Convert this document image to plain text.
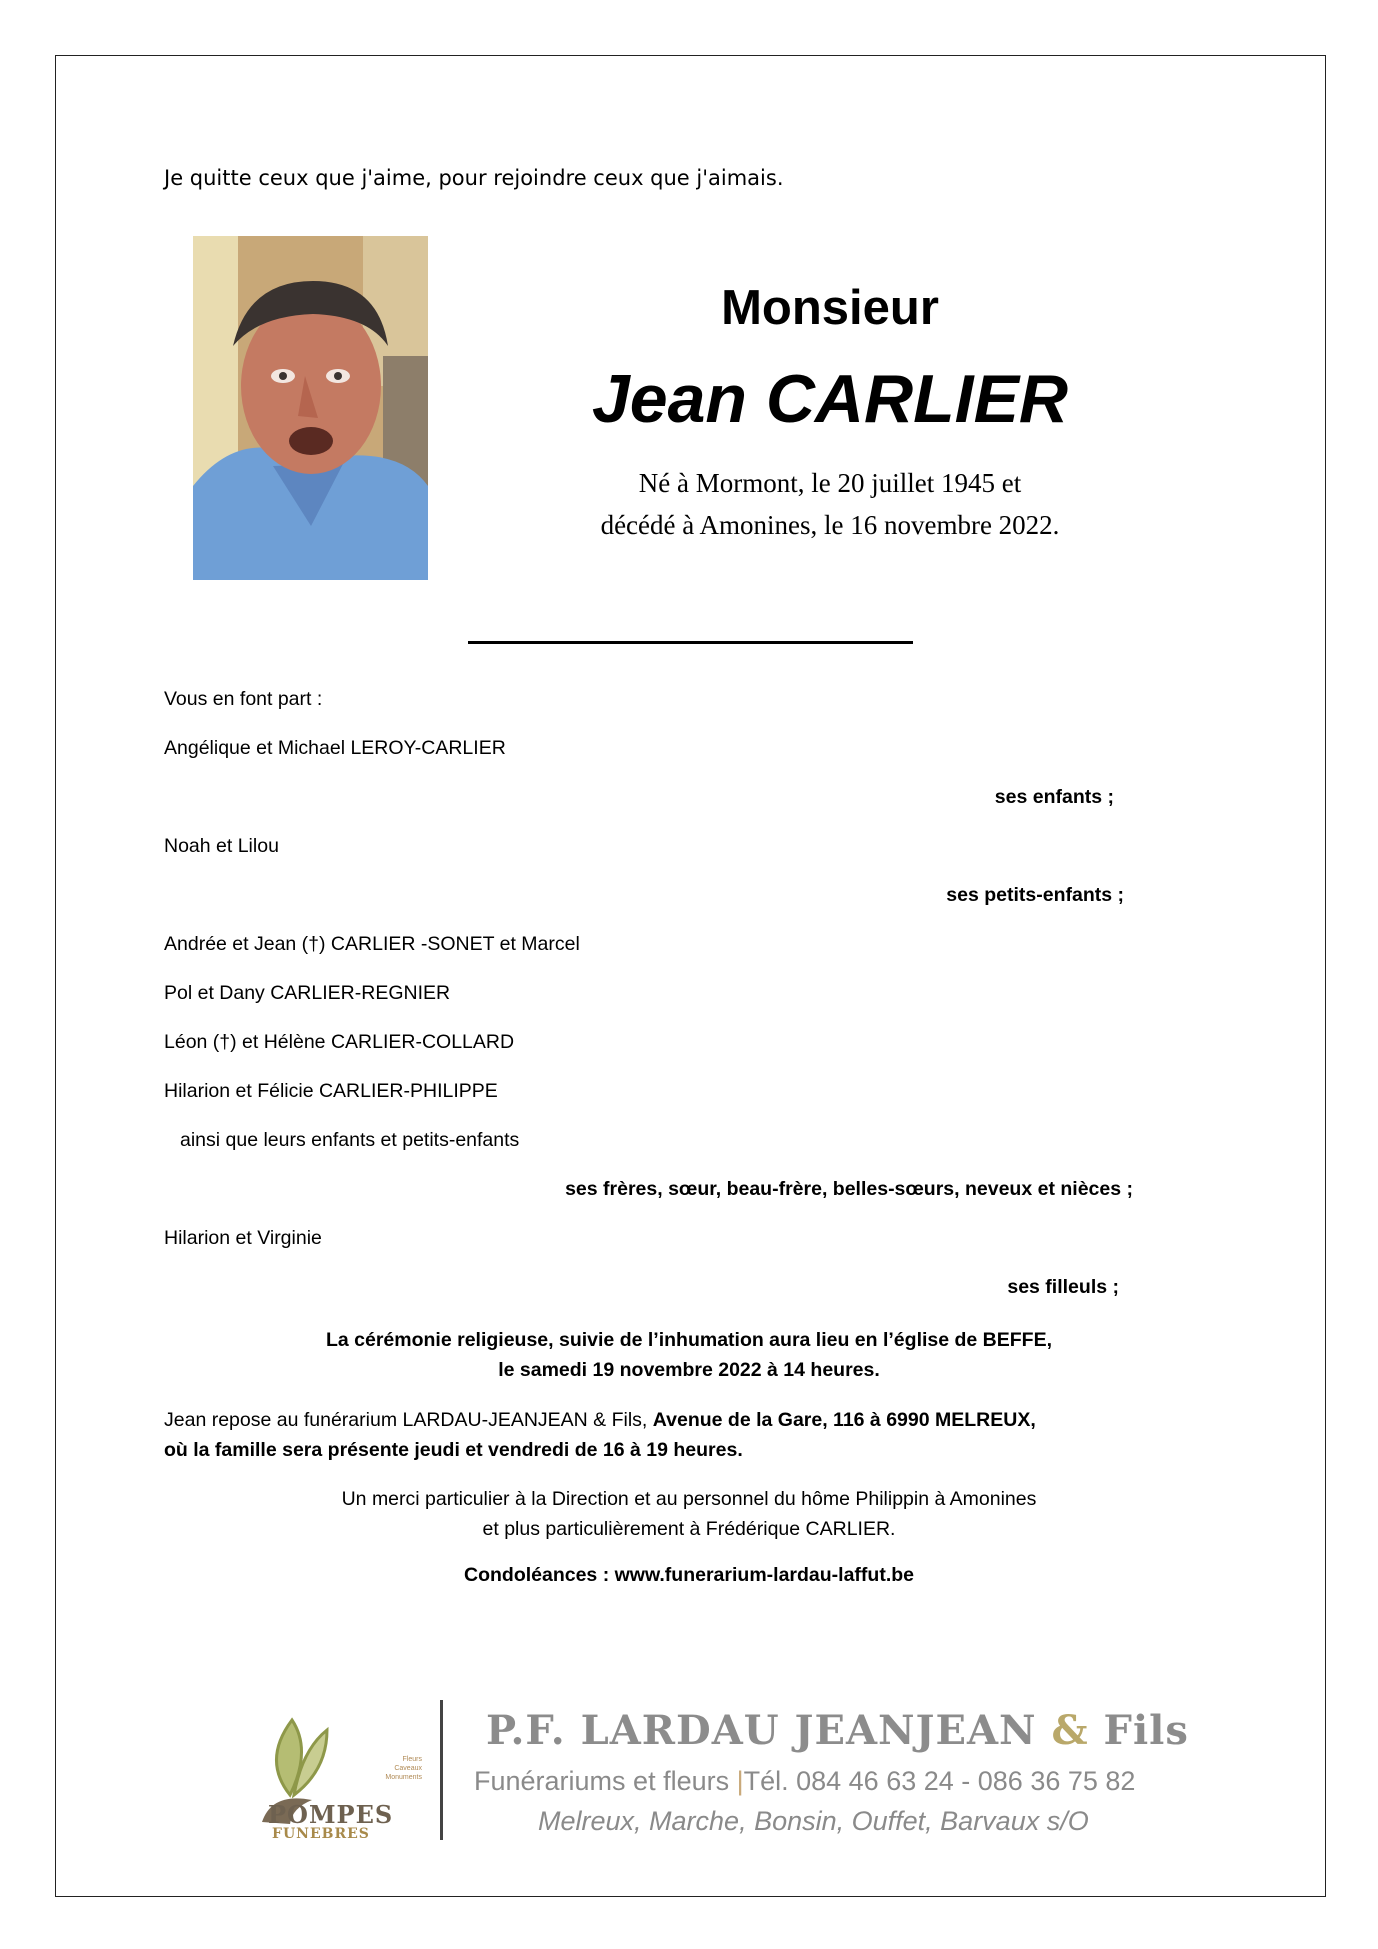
Je quitte ceux que j'aime, pour rejoindre ceux que j'aimais.
Monsieur
Jean CARLIER
Né à Mormont, le 20 juillet 1945 et
décédé à Amonines, le 16 novembre 2022.
Vous en font part :
Angélique et Michael LEROY-CARLIER
ses enfants ;
Noah et Lilou
ses petits-enfants ;
Andrée et Jean (†) CARLIER -SONET et Marcel
Pol et Dany CARLIER-REGNIER
Léon (†) et Hélène CARLIER-COLLARD
Hilarion et Félicie CARLIER-PHILIPPE
ainsi que leurs enfants et petits-enfants
ses frères, sœur, beau-frère, belles-sœurs, neveux et nièces ;
Hilarion et Virginie
ses filleuls ;
La cérémonie religieuse, suivie de l’inhumation aura lieu en l’église de BEFFE,
le samedi 19 novembre 2022 à 14 heures.
Jean repose au funérarium LARDAU-JEANJEAN & Fils, Avenue de la Gare, 116 à 6990 MELREUX,
où la famille sera présente jeudi et vendredi de 16 à 19 heures.
Un merci particulier à la Direction et au personnel du hôme Philippin à Amonines
et plus particulièrement à Frédérique CARLIER.
Condoléances : www.funerarium-lardau-laffut.be
Fleurs
Caveaux
Monuments
POMPES
FUNEBRES
P.F. LARDAU JEANJEAN & Fils
Funérariums et fleurs |Tél. 084 46 63 24 - 086 36 75 82
Melreux, Marche, Bonsin, Ouffet, Barvaux s/O
